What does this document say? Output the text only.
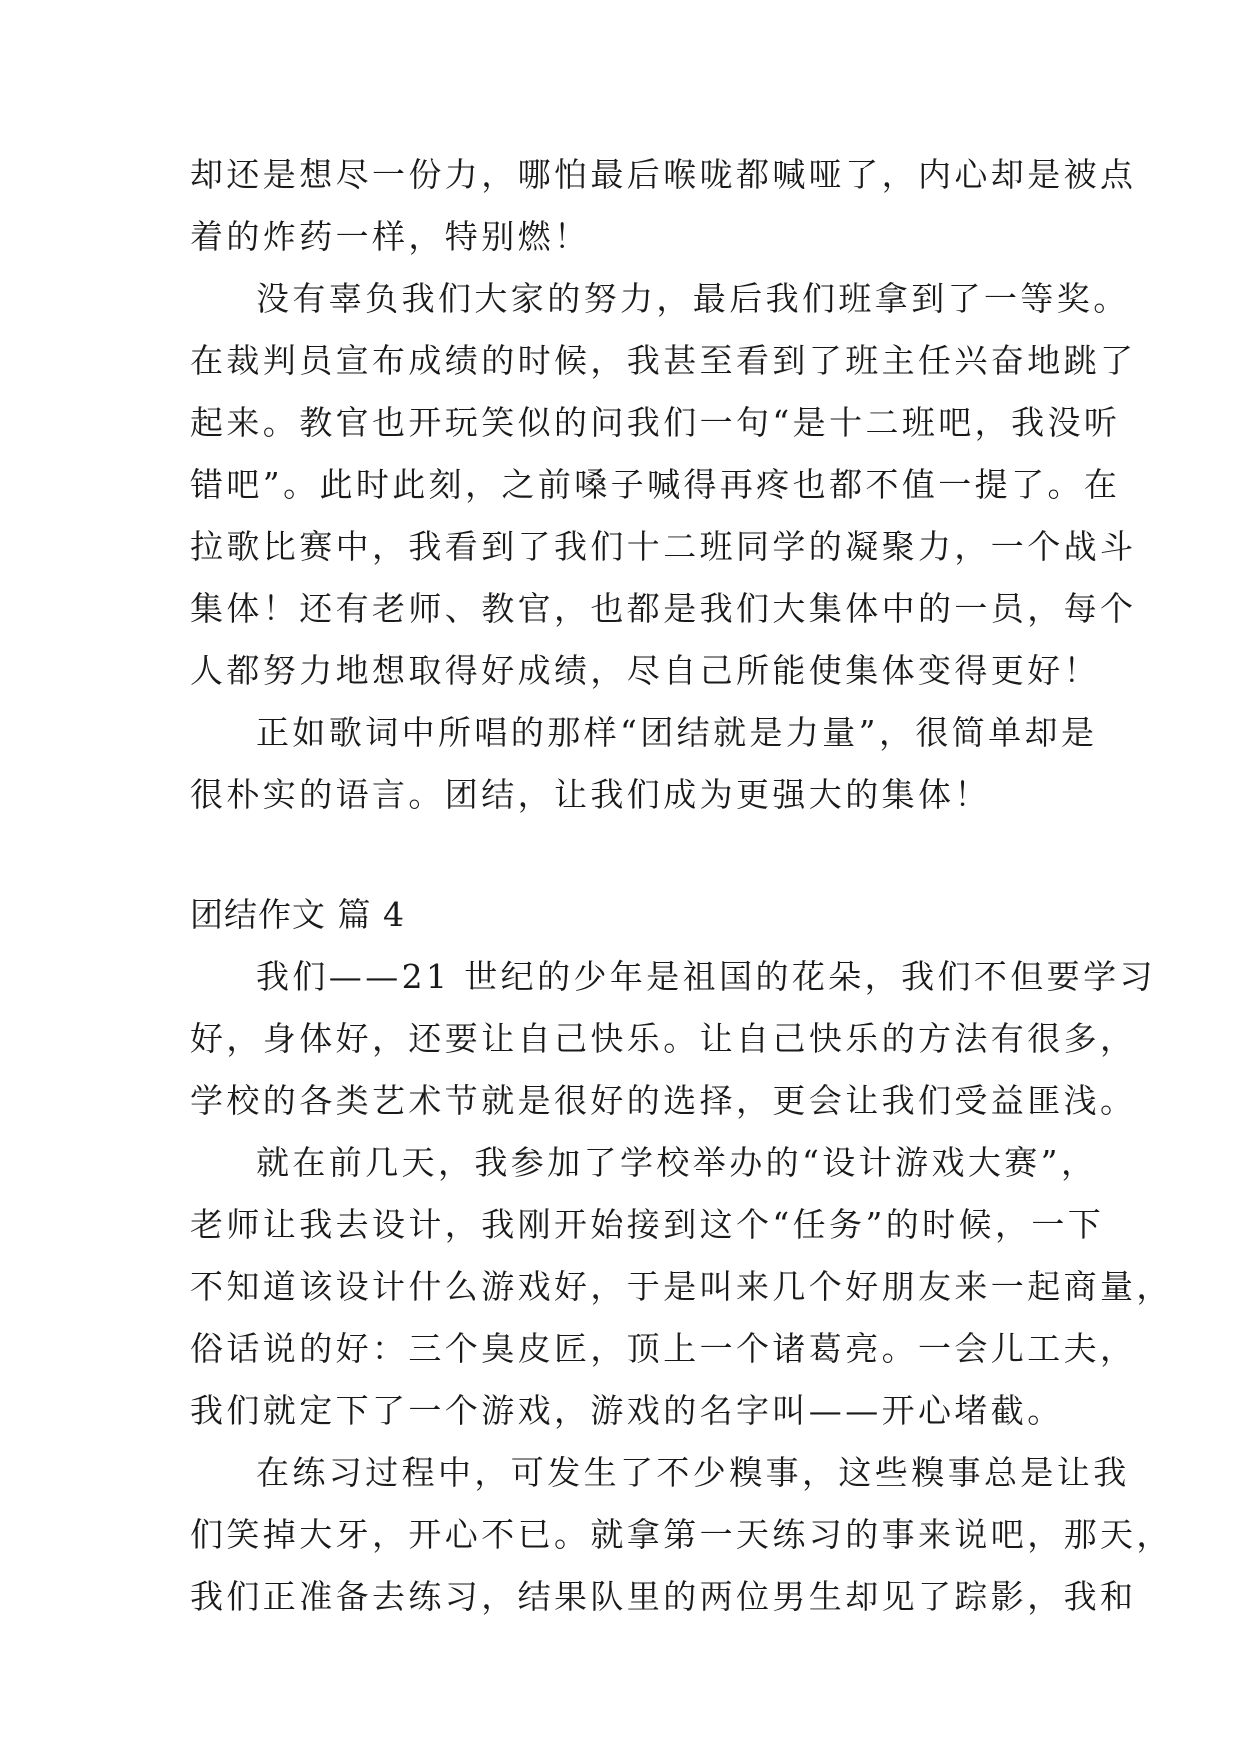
却还是想尽一份力，哪怕最后喉咙都喊哑了，内心却是被点
着的炸药一样，特别燃！
没有辜负我们大家的努力，最后我们班拿到了一等奖。
在裁判员宣布成绩的时候，我甚至看到了班主任兴奋地跳了
起来。教官也开玩笑似的问我们一句“是十二班吧，我没听
错吧”。此时此刻，之前嗓子喊得再疼也都不值一提了。在
拉歌比赛中，我看到了我们十二班同学的凝聚力，一个战斗
集体！还有老师、教官，也都是我们大集体中的一员，每个
人都努力地想取得好成绩，尽自己所能使集体变得更好！
正如歌词中所唱的那样“团结就是力量”，很简单却是
很朴实的语言。团结，让我们成为更强大的集体！
团结作文 篇 4
我们——21 世纪的少年是祖国的花朵，我们不但要学习
好，身体好，还要让自己快乐。让自己快乐的方法有很多，
学校的各类艺术节就是很好的选择，更会让我们受益匪浅。
就在前几天，我参加了学校举办的“设计游戏大赛”，
老师让我去设计，我刚开始接到这个“任务”的时候，一下
不知道该设计什么游戏好，于是叫来几个好朋友来一起商量，
俗话说的好：三个臭皮匠，顶上一个诸葛亮。一会儿工夫，
我们就定下了一个游戏，游戏的名字叫——开心堵截。
在练习过程中，可发生了不少糗事，这些糗事总是让我
们笑掉大牙，开心不已。就拿第一天练习的事来说吧，那天，
我们正准备去练习，结果队里的两位男生却见了踪影，我和
